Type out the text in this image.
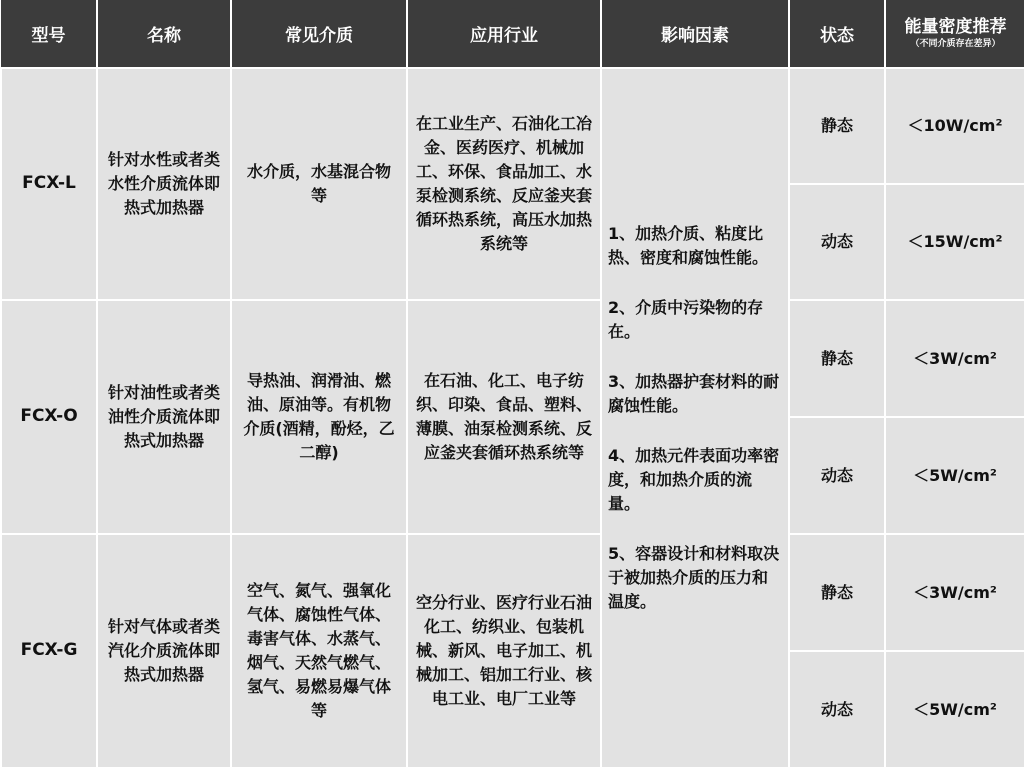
型号	名称	常见介质	应用行业	影响因素	状态	能量密度推荐
（不同介质存在差异）

FCX-L	针对水性或者类水性介质流体即热式加热器	水介质，水基混合物等	在工业生产、石油化工冶金、医药医疗、机械加工、环保、食品加工、水泵检测系统、反应釜夹套循环热系统，高压水加热系统等	1、加热介质、粘度比热、密度和腐蚀性能。

2、介质中污染物的存在。

3、加热器护套材料的耐腐蚀性能。

4、加热元件表面功率密度，和加热介质的流量。

5、容器设计和材料取决于被加热介质的压力和温度。	静态	＜10W/cm²
					动态	＜15W/cm²
FCX-O	针对油性或者类油性介质流体即热式加热器	导热油、润滑油、燃油、原油等。有机物介质(酒精，酚烃，乙二醇)	在石油、化工、电子纺织、印染、食品、塑料、薄膜、油泵检测系统、反应釜夹套循环热系统等		静态	＜3W/cm²
					动态	＜5W/cm²
FCX-G	针对气体或者类汽化介质流体即热式加热器	空气、氮气、强氧化气体、腐蚀性气体、毒害气体、水蒸气、烟气、天然气燃气、氢气、易燃易爆气体等	空分行业、医疗行业石油化工、纺织业、包装机械、新风、电子加工、机械加工、铝加工行业、核电工业、电厂工业等		静态	＜3W/cm²
					动态	＜5W/cm²
